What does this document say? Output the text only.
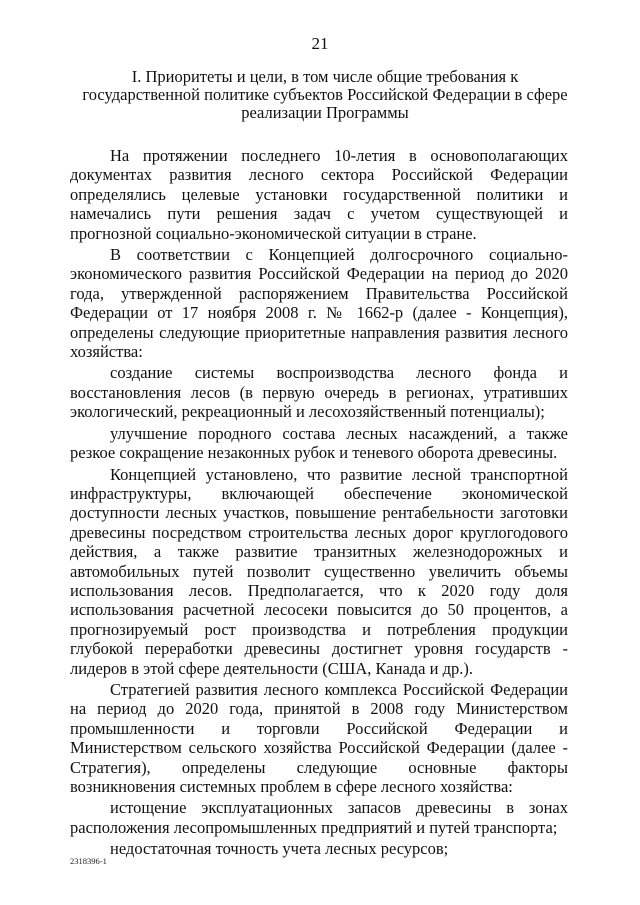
21
I. Приоритеты и цели, в том числе общие требования к государственной политике субъектов Российской Федерации в сфере реализации Программы

На протяжении последнего 10-летия в основополагающих документах развития лесного сектора Российской Федерации определялись целевые установки государственной политики и намечались пути решения задач с учетом существующей и прогнозной социально-экономической ситуации в стране.

В соответствии с Концепцией долгосрочного социально-экономического развития Российской Федерации на период до 2020 года, утвержденной распоряжением Правительства Российской Федерации от 17 ноября 2008 г. № 1662-р (далее - Концепция), определены следующие приоритетные направления развития лесного хозяйства:

создание системы воспроизводства лесного фонда и восстановления лесов (в первую очередь в регионах, утративших экологический, рекреационный и лесохозяйственный потенциалы);

улучшение породного состава лесных насаждений, а также резкое сокращение незаконных рубок и теневого оборота древесины.

Концепцией установлено, что развитие лесной транспортной инфраструктуры, включающей обеспечение экономической доступности лесных участков, повышение рентабельности заготовки древесины посредством строительства лесных дорог круглогодового действия, а также развитие транзитных железнодорожных и автомобильных путей позволит существенно увеличить объемы использования лесов. Предполагается, что к 2020 году доля использования расчетной лесосеки повысится до 50 процентов, а прогнозируемый рост производства и потребления продукции глубокой переработки древесины достигнет уровня государств - лидеров в этой сфере деятельности (США, Канада и др.).

Стратегией развития лесного комплекса Российской Федерации на период до 2020 года, принятой в 2008 году Министерством промышленности и торговли Российской Федерации и Министерством сельского хозяйства Российской Федерации (далее - Стратегия), определены следующие основные факторы возникновения системных проблем в сфере лесного хозяйства:

истощение эксплуатационных запасов древесины в зонах расположения лесопромышленных предприятий и путей транспорта;

недостаточная точность учета лесных ресурсов;

2318396-1
